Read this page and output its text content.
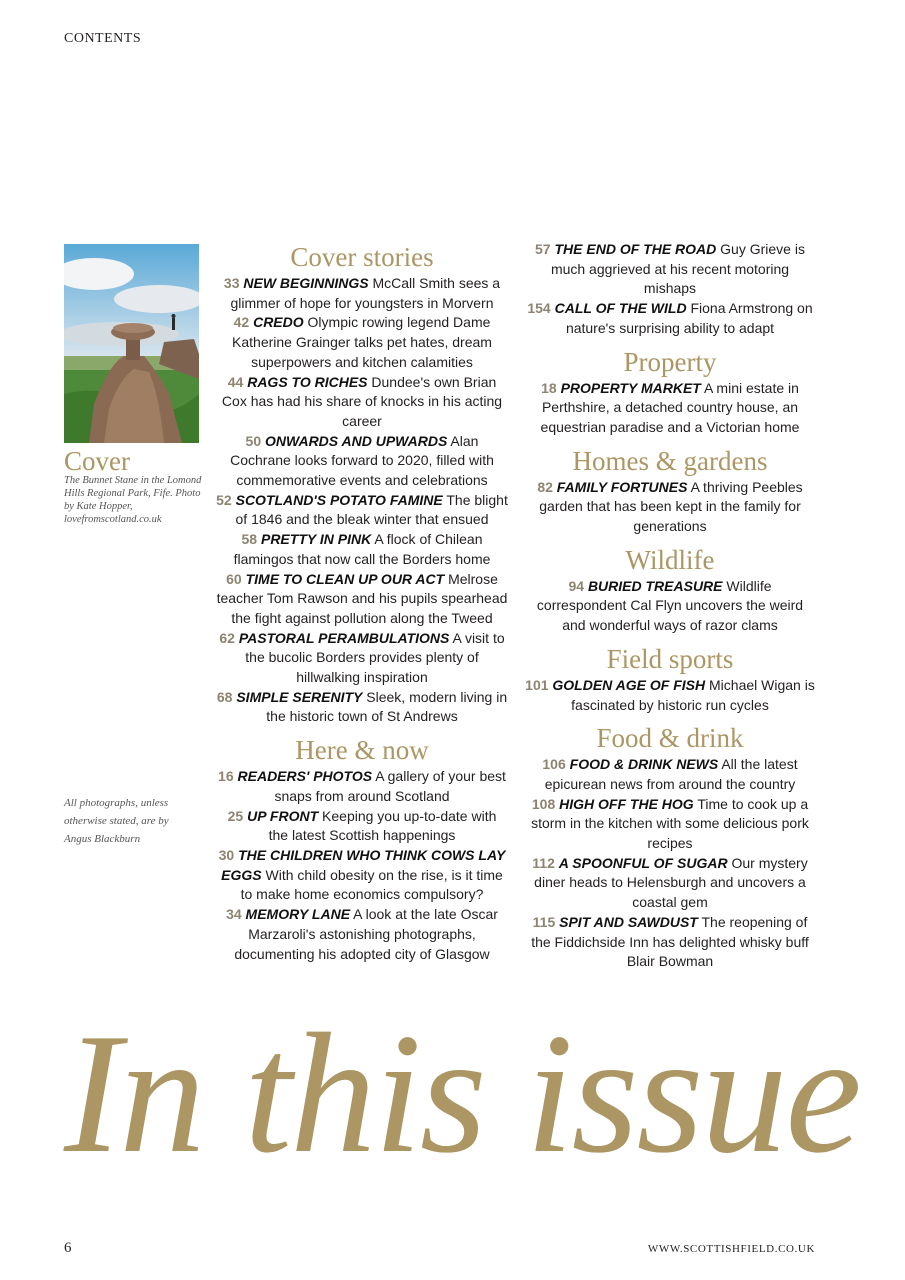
CONTENTS
Cover
The Bunnet Stane in the Lomond Hills Regional Park, Fife. Photo by Kate Hopper, lovefromscotland.co.uk
All photographs, unless otherwise stated, are by Angus Blackburn
Cover stories

33 NEW BEGINNINGS McCall Smith sees a glimmer of hope for youngsters in Morvern

42 CREDO Olympic rowing legend Dame Katherine Grainger talks pet hates, dream superpowers and kitchen calamities

44 RAGS TO RICHES Dundee's own Brian Cox has had his share of knocks in his acting career

50 ONWARDS AND UPWARDS Alan Cochrane looks forward to 2020, filled with commemorative events and celebrations

52 SCOTLAND'S POTATO FAMINE The blight of 1846 and the bleak winter that ensued

58 PRETTY IN PINK A flock of Chilean flamingos that now call the Borders home

60 TIME TO CLEAN UP OUR ACT Melrose teacher Tom Rawson and his pupils spearhead the fight against pollution along the Tweed

62 PASTORAL PERAMBULATIONS A visit to the bucolic Borders provides plenty of hillwalking inspiration

68 SIMPLE SERENITY Sleek, modern living in the historic town of St Andrews

Here & now

16 READERS' PHOTOS A gallery of your best snaps from around Scotland

25 UP FRONT Keeping you up-to-date with the latest Scottish happenings

30 THE CHILDREN WHO THINK COWS LAY EGGS With child obesity on the rise, is it time to make home economics compulsory?

34 MEMORY LANE A look at the late Oscar Marzaroli's astonishing photographs, documenting his adopted city of Glasgow

57 THE END OF THE ROAD Guy Grieve is much aggrieved at his recent motoring mishaps

154 CALL OF THE WILD Fiona Armstrong on nature's surprising ability to adapt

Property

18 PROPERTY MARKET A mini estate in Perthshire, a detached country house, an equestrian paradise and a Victorian home

Homes & gardens

82 FAMILY FORTUNES A thriving Peebles garden that has been kept in the family for generations

Wildlife

94 BURIED TREASURE Wildlife correspondent Cal Flyn uncovers the weird and wonderful ways of razor clams

Field sports

101 GOLDEN AGE OF FISH Michael Wigan is fascinated by historic run cycles

Food & drink

106 FOOD & DRINK NEWS All the latest epicurean news from around the country

108 HIGH OFF THE HOG Time to cook up a storm in the kitchen with some delicious pork recipes

112 A SPOONFUL OF SUGAR Our mystery diner heads to Helensburgh and uncovers a coastal gem

115 SPIT AND SAWDUST The reopening of the Fiddichside Inn has delighted whisky buff Blair Bowman

In this issue
6	WWW.SCOTTISHFIELD.CO.UK
